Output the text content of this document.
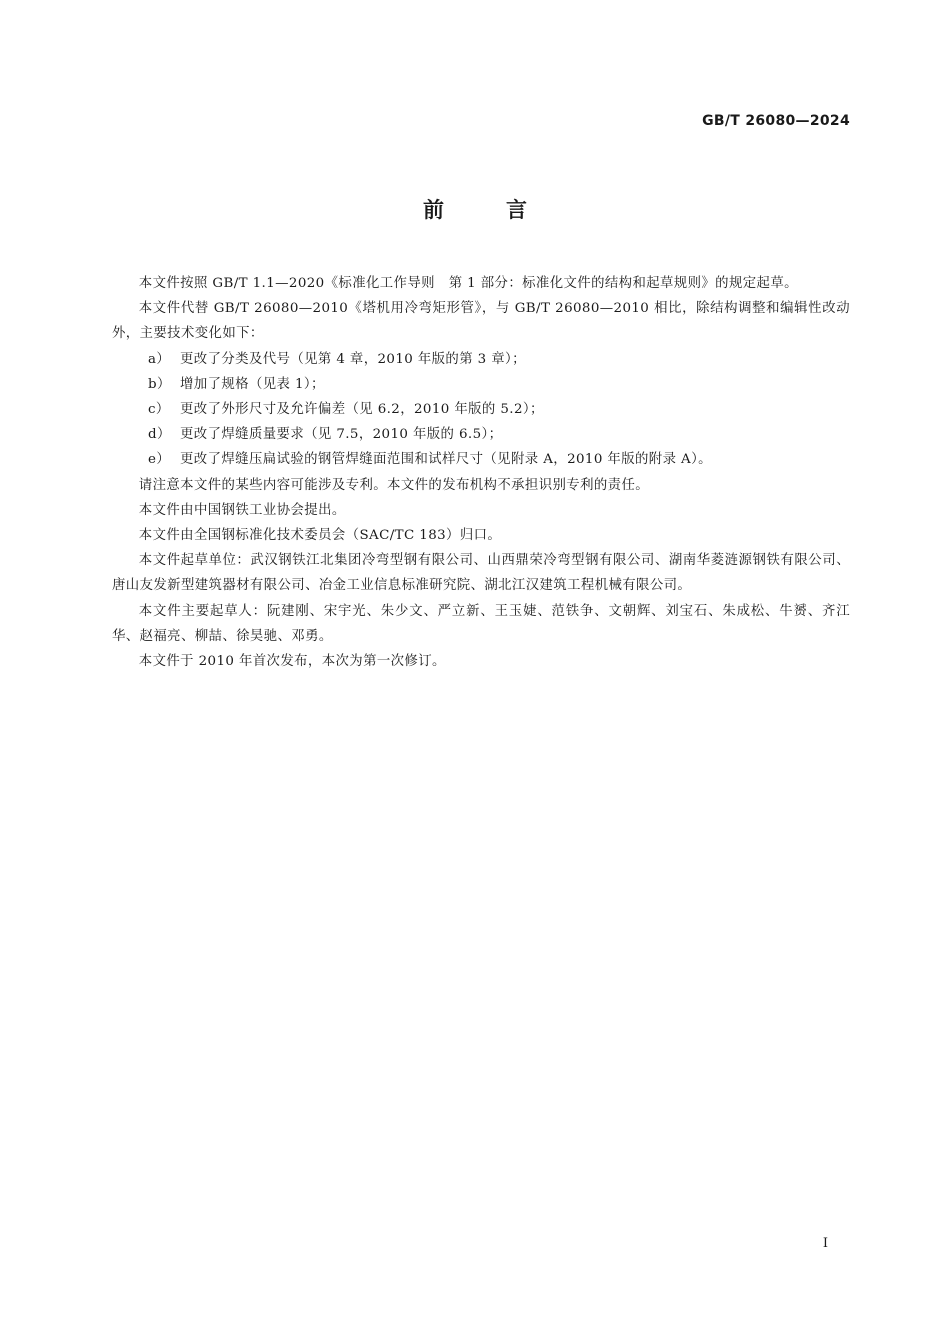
GB/T 26080—2024
前言

本文件按照 GB/T 1.1—2020《标准化工作导则　第 1 部分：标准化文件的结构和起草规则》的规定起草。

本文件代替 GB/T 26080—2010《塔机用冷弯矩形管》，与 GB/T 26080—2010 相比，除结构调整和编辑性改动外，主要技术变化如下：

a） 更改了分类及代号（见第 4 章，2010 年版的第 3 章）；
b） 增加了规格（见表 1）；
c） 更改了外形尺寸及允许偏差（见 6.2，2010 年版的 5.2）；
d） 更改了焊缝质量要求（见 7.5，2010 年版的 6.5）；
e） 更改了焊缝压扁试验的钢管焊缝面范围和试样尺寸（见附录 A，2010 年版的附录 A）。

请注意本文件的某些内容可能涉及专利。本文件的发布机构不承担识别专利的责任。

本文件由中国钢铁工业协会提出。

本文件由全国钢标准化技术委员会（SAC/TC 183）归口。

本文件起草单位：武汉钢铁江北集团冷弯型钢有限公司、山西鼎荣冷弯型钢有限公司、湖南华菱涟源钢铁有限公司、唐山友发新型建筑器材有限公司、冶金工业信息标准研究院、湖北江汉建筑工程机械有限公司。

本文件主要起草人：阮建刚、宋宇光、朱少文、严立新、王玉婕、范铁争、文朝辉、刘宝石、朱成松、牛赟、齐江华、赵福亮、柳喆、徐昊驰、邓勇。

本文件于 2010 年首次发布，本次为第一次修订。

I
